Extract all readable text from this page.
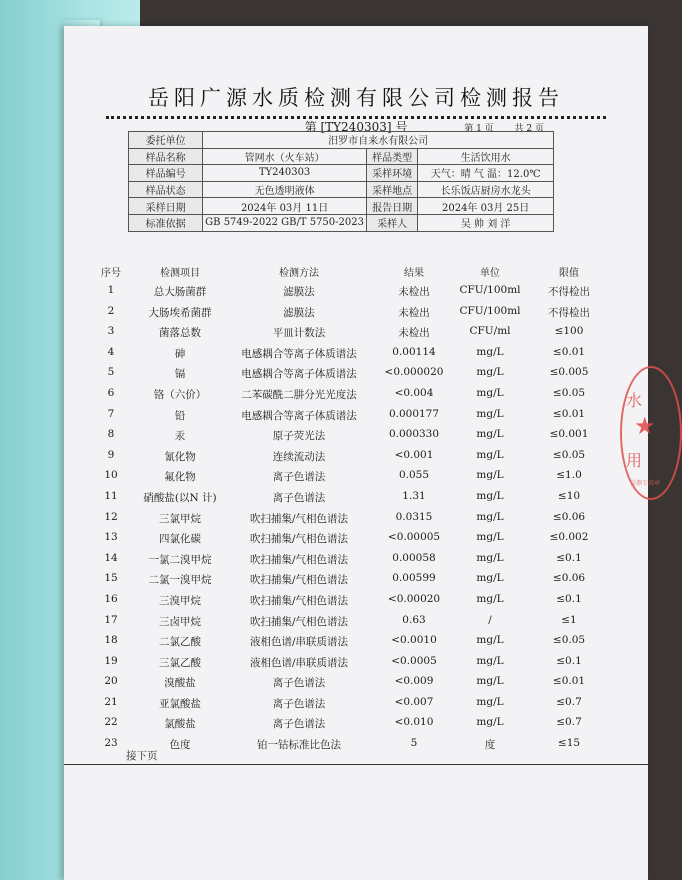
岳阳广源水质检测有限公司检测报告
第 [TY240303] 号	第 1 页 共 2 页
委托单位	汨罗市自来水有限公司		
样品名称	管网水（火车站）	样品类型	生活饮用水
样品编号	TY240303	采样环境	天气：晴 气 温：12.0℃
样品状态	无色透明液体	采样地点	长乐饭店厨房水龙头
采样日期	2024年 03月 11日	报告日期	2024年 03月 25日
标准依据	GB 5749-2022 GB/T 5750-2023	采样人	吴 帅 刘 洋
序号	检测项目	检测方法	结果	单位	限值
1	总大肠菌群	滤膜法	未检出	CFU/100ml	不得检出
2	大肠埃希菌群	滤膜法	未检出	CFU/100ml	不得检出
3	菌落总数	平皿计数法	未检出	CFU/ml	≤100
4	砷	电感耦合等离子体质谱法	0.00114	mg/L	≤0.01
5	镉	电感耦合等离子体质谱法	<0.000020	mg/L	≤0.005
6	铬（六价）	二苯碳酰二肼分光光度法	<0.004	mg/L	≤0.05
7	铅	电感耦合等离子体质谱法	0.000177	mg/L	≤0.01
8	汞	原子荧光法	0.000330	mg/L	≤0.001
9	氰化物	连续流动法	<0.001	mg/L	≤0.05
10	氟化物	离子色谱法	0.055	mg/L	≤1.0
11	硝酸盐(以N 计)	离子色谱法	1.31	mg/L	≤10
12	三氯甲烷	吹扫捕集/气相色谱法	0.0315	mg/L	≤0.06
13	四氯化碳	吹扫捕集/气相色谱法	<0.00005	mg/L	≤0.002
14	一氯二溴甲烷	吹扫捕集/气相色谱法	0.00058	mg/L	≤0.1
15	二氯一溴甲烷	吹扫捕集/气相色谱法	0.00599	mg/L	≤0.06
16	三溴甲烷	吹扫捕集/气相色谱法	<0.00020	mg/L	≤0.1
17	三卤甲烷	吹扫捕集/气相色谱法	0.63	/	≤1
18	二氯乙酸	液相色谱/串联质谱法	<0.0010	mg/L	≤0.05
19	三氯乙酸	液相色谱/串联质谱法	<0.0005	mg/L	≤0.1
20	溴酸盐	离子色谱法	<0.009	mg/L	≤0.01
21	亚氯酸盐	离子色谱法	<0.007	mg/L	≤0.7
22	氯酸盐	离子色谱法	<0.010	mg/L	≤0.7
23	色度	铂一钴标准比色法	5	度	≤15
接下页
水
★
用
检测专用章
